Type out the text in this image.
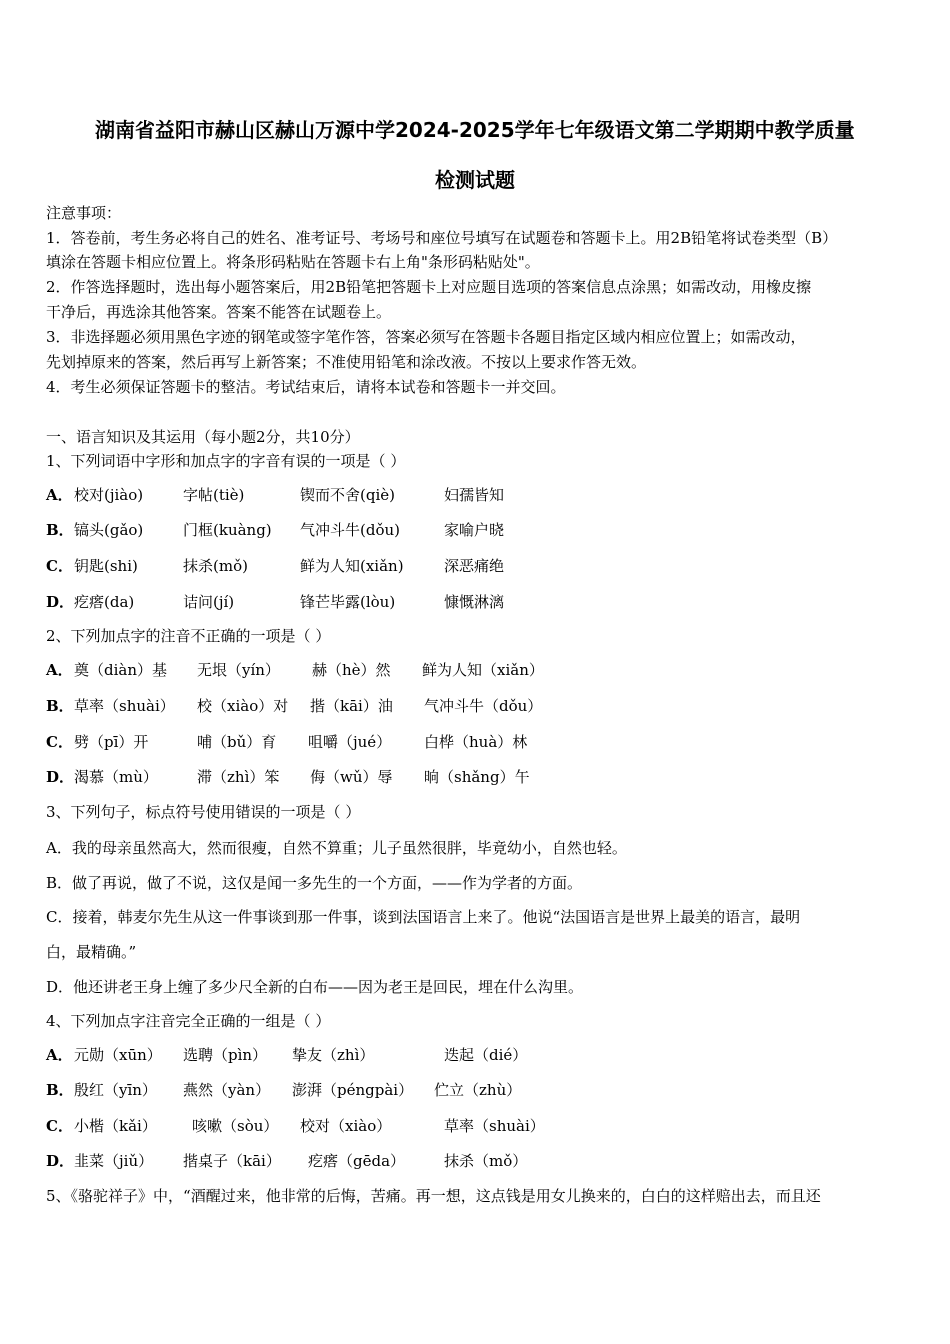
湖南省益阳市赫山区赫山万源中学2024-2025学年七年级语文第二学期期中教学质量
检测试题
注意事项：
1．答卷前，考生务必将自己的姓名、准考证号、考场号和座位号填写在试题卷和答题卡上。用2B铅笔将试卷类型（B）
填涂在答题卡相应位置上。将条形码粘贴在答题卡右上角"条形码粘贴处"。
2．作答选择题时，选出每小题答案后，用2B铅笔把答题卡上对应题目选项的答案信息点涂黑；如需改动，用橡皮擦
干净后，再选涂其他答案。答案不能答在试题卷上。
3．非选择题必须用黑色字迹的钢笔或签字笔作答，答案必须写在答题卡各题目指定区域内相应位置上；如需改动，
先划掉原来的答案，然后再写上新答案；不准使用铅笔和涂改液。不按以上要求作答无效。
4．考生必须保证答题卡的整洁。考试结束后，请将本试卷和答题卡一并交回。
一、语言知识及其运用（每小题2分，共10分）
1、下列词语中字形和加点字的字音有误的一项是（ ）
A． 校对(jiào)	字帖(tiè)	锲而不舍(qiè)	妇孺皆知
B． 镐头(gǎo)	门框(kuàng) 气冲斗牛(dǒu)	家喻户晓
C． 钥匙(shi)	抹杀(mǒ)	鲜为人知(xiǎn)	深恶痛绝
D． 疙瘩(da)	诘问(jí)	锋芒毕露(lòu)	慷慨淋漓
2、下列加点字的注音不正确的一项是（ ）
A． 奠（diàn）基 无垠（yín） 赫（hè）然 鲜为人知（xiǎn）
B． 草率（shuài） 校（xiào）对 揩（kāi）油 气冲斗牛（dǒu）
C． 劈（pī）开	哺（bǔ）育 咀嚼（jué） 白桦（huà）林
D． 渴慕（mù）	滞（zhì）笨 侮（wǔ）辱 晌（shǎng）午
3、下列句子，标点符号使用错误的一项是（ ）
A．我的母亲虽然高大，然而很瘦，自然不算重；儿子虽然很胖，毕竟幼小，自然也轻。
B．做了再说，做了不说，这仅是闻一多先生的一个方面，——作为学者的方面。
C．接着，韩麦尔先生从这一件事谈到那一件事，谈到法国语言上来了。他说“法国语言是世界上最美的语言，最明
白，最精确。”
D．他还讲老王身上缠了多少尺全新的白布——因为老王是回民，埋在什么沟里。
4、下列加点字注音完全正确的一组是（ ）
A． 元勋（xūn） 选聘（pìn） 挚友（zhì）	迭起（dié）
B． 殷红（yīn） 燕然（yàn） 澎湃（péngpài） 伫立（zhù）
C． 小楷（kǎi） 咳嗽（sòu） 校对（xiào）	草率（shuài）
D． 韭菜（jiǔ） 揩桌子（kāi） 疙瘩（gēda）	抹杀（mǒ）
5、《骆驼祥子》中，“酒醒过来，他非常的后悔，苦痛。再一想，这点钱是用女儿换来的，白白的这样赔出去，而且还
